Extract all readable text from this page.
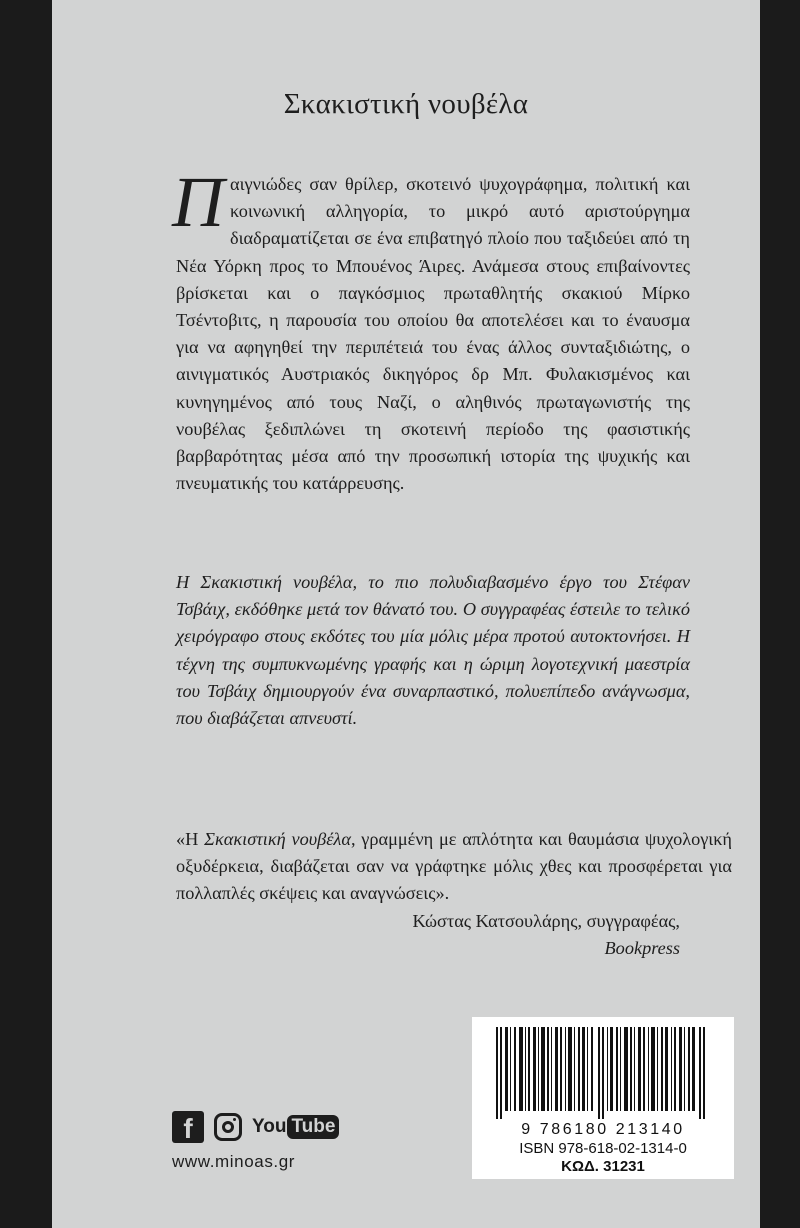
Σκακιστική νουβέλα

Παιγνιώδες σαν θρίλερ, σκοτεινό ψυχογράφημα, πολιτική και κοινωνική αλληγορία, το μικρό αυτό αριστούργημα διαδραματίζεται σε ένα επιβατηγό πλοίο που ταξιδεύει από τη Νέα Υόρκη προς το Μπουένος Άιρες. Ανάμεσα στους επιβαίνοντες βρίσκεται και ο παγκόσμιος πρωταθλητής σκακιού Μίρκο Τσέντοβιτς, η παρουσία του οποίου θα αποτελέσει και το έναυσμα για να αφηγηθεί την περιπέτειά του ένας άλλος συνταξιδιώτης, ο αινιγματικός Αυστριακός δικηγόρος δρ Μπ. Φυλακισμένος και κυνηγημένος από τους Ναζί, ο αληθινός πρωταγωνιστής της νουβέλας ξεδιπλώνει τη σκοτεινή περίοδο της φασιστικής βαρβαρότητας μέσα από την προσωπική ιστορία της ψυχικής και πνευματικής του κατάρρευσης.

Η Σκακιστική νουβέλα, το πιο πολυδιαβασμένο έργο του Στέφαν Τσβάιχ, εκδόθηκε μετά τον θάνατό του. Ο συγγραφέας έστειλε το τελικό χειρόγραφο στους εκδότες του μία μόλις μέρα προτού αυτοκτονήσει. Η τέχνη της συμπυκνωμένης γραφής και η ώριμη λογοτεχνική μαεστρία του Τσβάιχ δημιουργούν ένα συναρπαστικό, πολυεπίπεδο ανάγνωσμα, που διαβάζεται απνευστί.

«Η Σκακιστική νουβέλα, γραμμένη με απλότητα και θαυμάσια ψυχολογική οξυδέρκεια, διαβάζεται σαν να γράφτηκε μόλις χθες και προσφέρεται για πολλαπλές σκέψεις και αναγνώσεις».
Κώστας Κατσουλάρης, συγγραφέας,
Bookpress
f	You Tube
www.minoas.gr
9 786180 213140
ISBN 978-618-02-1314-0
ΚΩΔ. 31231
